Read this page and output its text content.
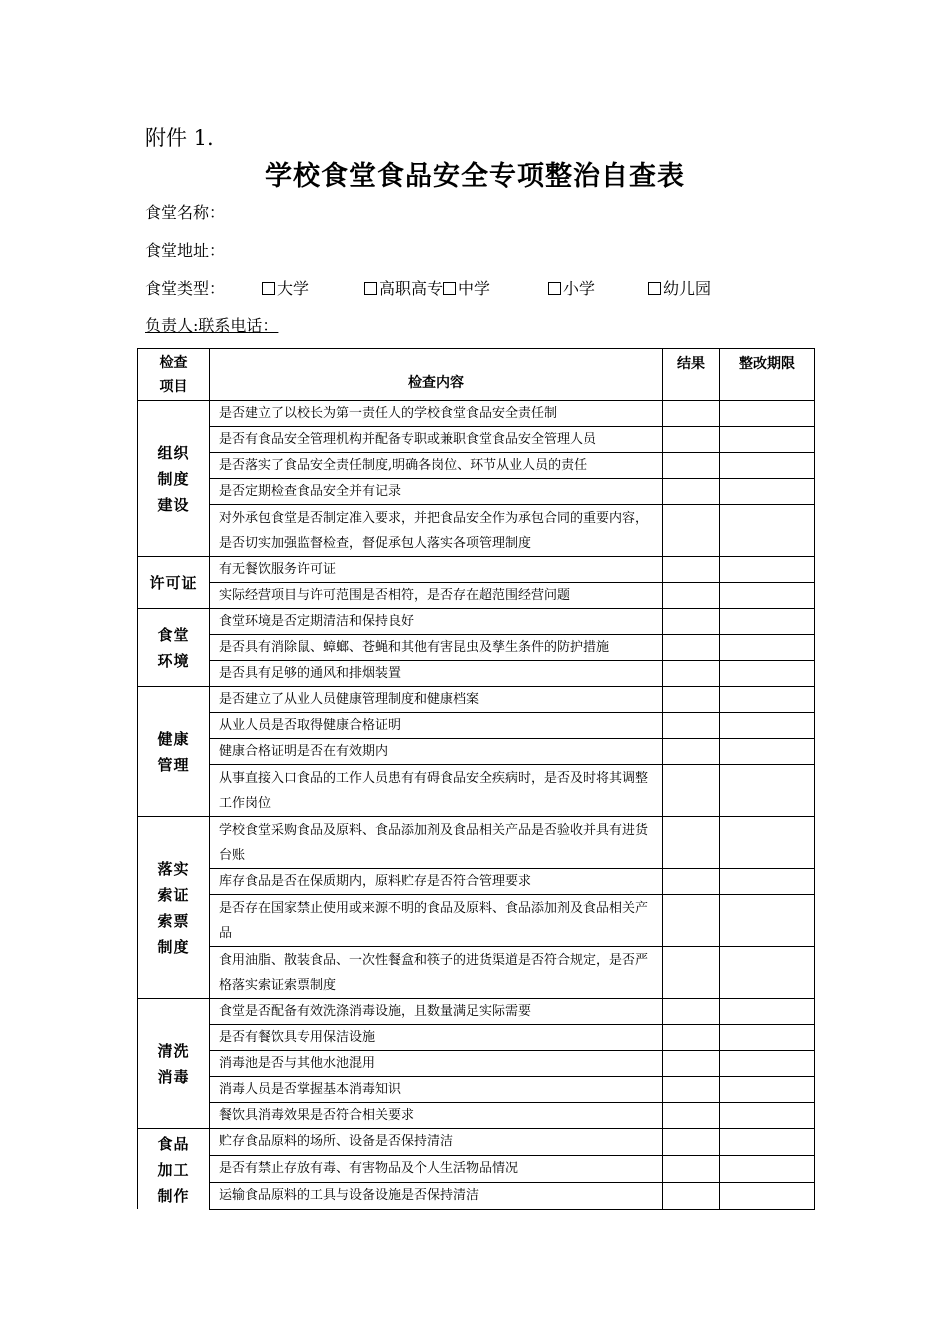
附件 1.
学校食堂食品安全专项整治自查表
食堂名称：
食堂地址：
食堂类型：	大学	高职高专 中学	小学	幼儿园
负责人:联系电话：
检查
项目	检查内容	结果	整改期限
组织
制度
建设	是否建立了以校长为第一责任人的学校食堂食品安全责任制		
	是否有食品安全管理机构并配备专职或兼职食堂食品安全管理人员		
	是否落实了食品安全责任制度,明确各岗位、环节从业人员的责任		
	是否定期检查食品安全并有记录		
	对外承包食堂是否制定准入要求，并把食品安全作为承包合同的重要内容，是否切实加强监督检查，督促承包人落实各项管理制度		
许可证	有无餐饮服务许可证		
	实际经营项目与许可范围是否相符，是否存在超范围经营问题		
食堂
环境	食堂环境是否定期清洁和保持良好		
	是否具有消除鼠、蟑螂、苍蝇和其他有害昆虫及孳生条件的防护措施		
	是否具有足够的通风和排烟装置		
健康
管理	是否建立了从业人员健康管理制度和健康档案		
	从业人员是否取得健康合格证明		
	健康合格证明是否在有效期内		
	从事直接入口食品的工作人员患有有碍食品安全疾病时，是否及时将其调整工作岗位		
落实
索证
索票
制度	学校食堂采购食品及原料、食品添加剂及食品相关产品是否验收并具有进货台账		
	库存食品是否在保质期内，原料贮存是否符合管理要求		
	是否存在国家禁止使用或来源不明的食品及原料、食品添加剂及食品相关产品		
	食用油脂、散装食品、一次性餐盒和筷子的进货渠道是否符合规定，是否严格落实索证索票制度		
清洗
消毒	食堂是否配备有效洗涤消毒设施，且数量满足实际需要		
	是否有餐饮具专用保洁设施		
	消毒池是否与其他水池混用		
	消毒人员是否掌握基本消毒知识		
	餐饮具消毒效果是否符合相关要求		
食品
加工
制作	贮存食品原料的场所、设备是否保持清洁		
	是否有禁止存放有毒、有害物品及个人生活物品情况		
	运输食品原料的工具与设备设施是否保持清洁		
